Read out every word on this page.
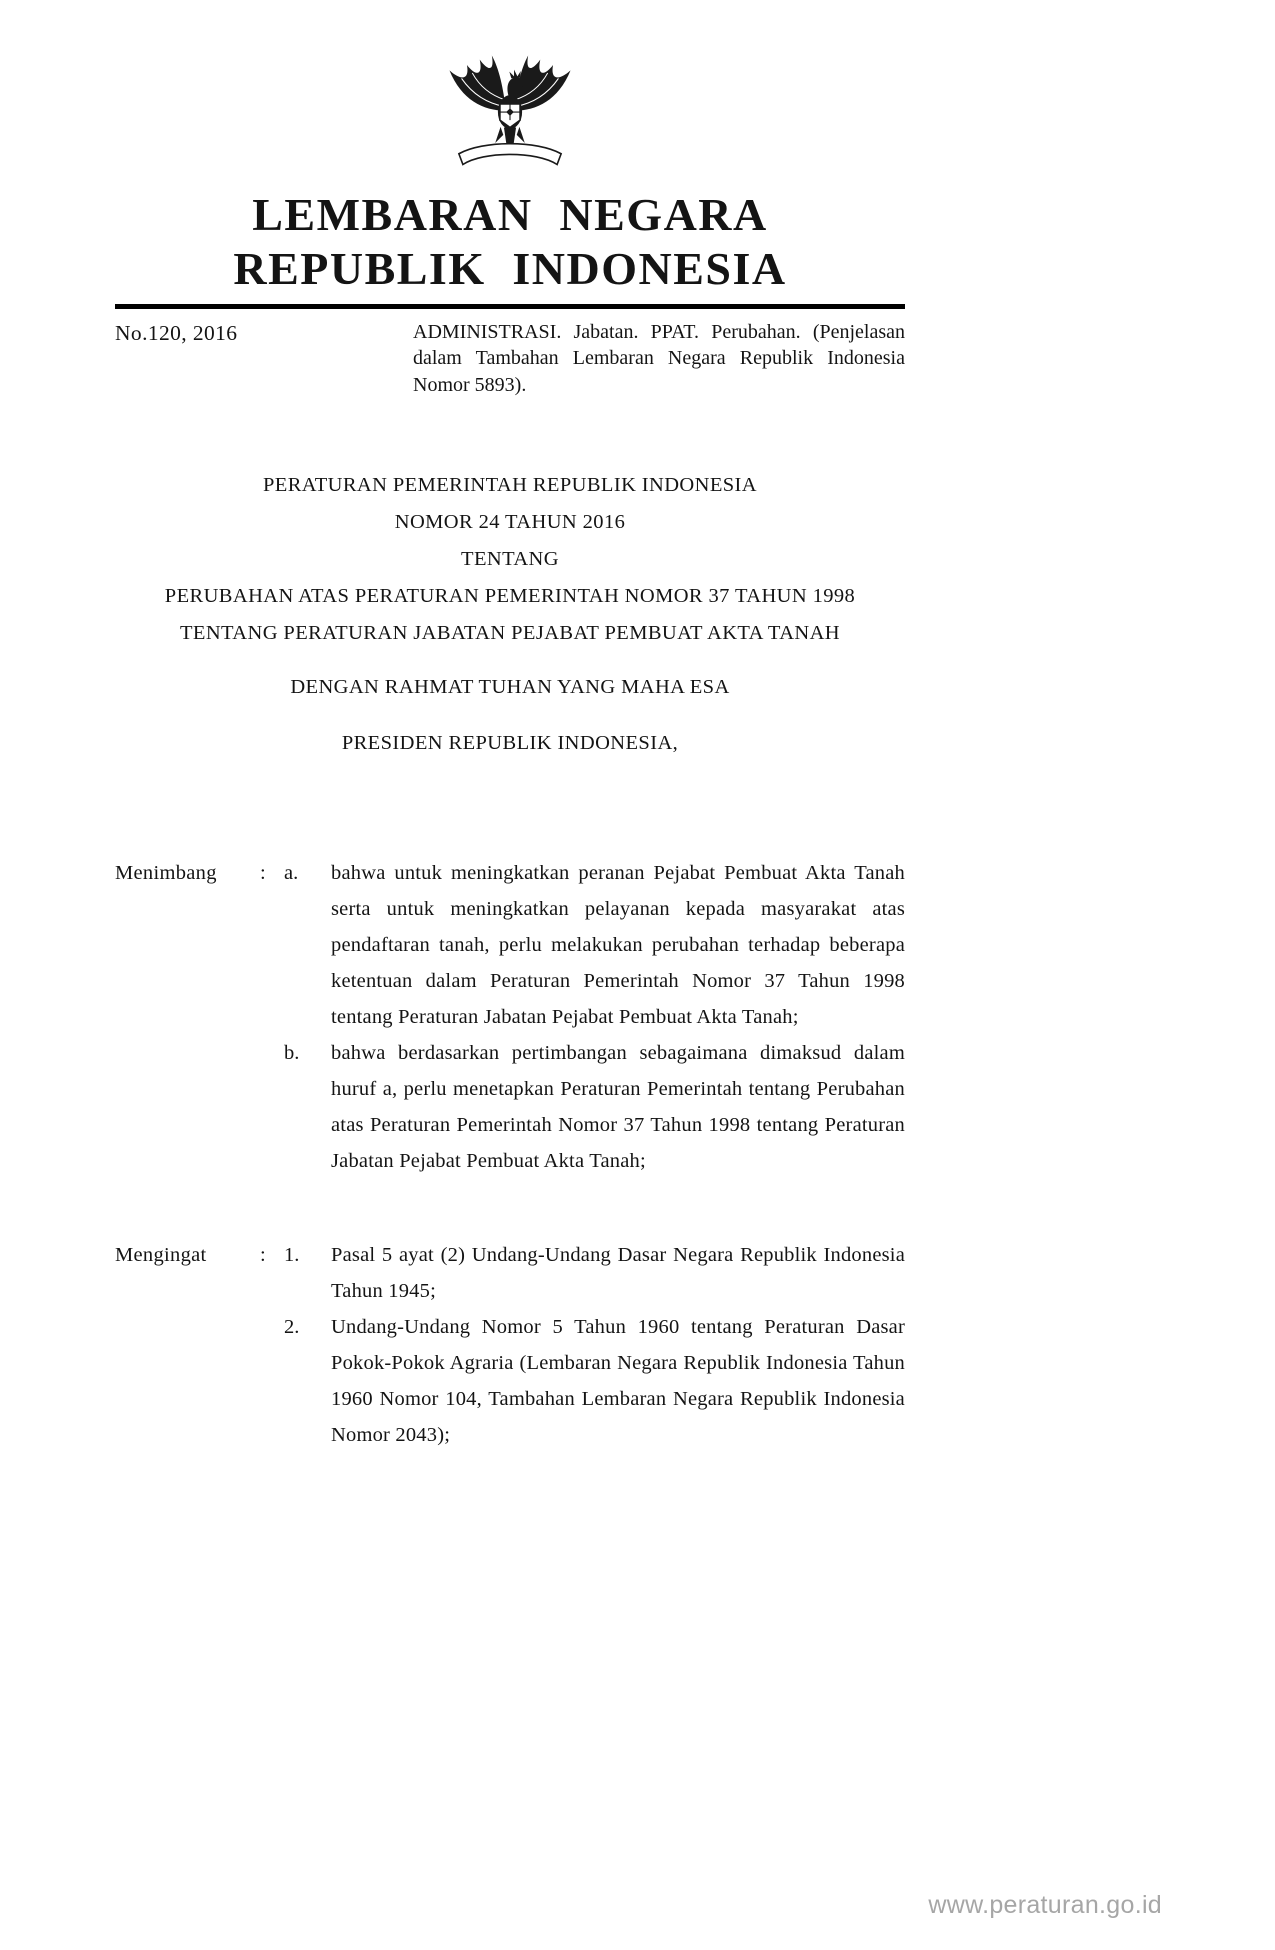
LEMBARAN NEGARA
REPUBLIK INDONESIA
No.120, 2016	ADMINISTRASI. Jabatan. PPAT. Perubahan. (Penjelasan dalam Tambahan Lembaran Negara Republik Indonesia Nomor 5893).
PERATURAN PEMERINTAH REPUBLIK INDONESIA
NOMOR 24 TAHUN 2016
TENTANG
PERUBAHAN ATAS PERATURAN PEMERINTAH NOMOR 37 TAHUN 1998
TENTANG PERATURAN JABATAN PEJABAT PEMBUAT AKTA TANAH
DENGAN RAHMAT TUHAN YANG MAHA ESA
PRESIDEN REPUBLIK INDONESIA,
Menimbang	: a.	bahwa untuk meningkatkan peranan Pejabat Pembuat Akta Tanah serta untuk meningkatkan pelayanan kepada masyarakat atas pendaftaran tanah, perlu melakukan perubahan terhadap beberapa ketentuan dalam Peraturan Pemerintah Nomor 37 Tahun 1998 tentang Peraturan Jabatan Pejabat Pembuat Akta Tanah;
b.	bahwa berdasarkan pertimbangan sebagaimana dimaksud dalam huruf a, perlu menetapkan Peraturan Pemerintah tentang Perubahan atas Peraturan Pemerintah Nomor 37 Tahun 1998 tentang Peraturan Jabatan Pejabat Pembuat Akta Tanah;
Mengingat	: 1.	Pasal 5 ayat (2) Undang-Undang Dasar Negara Republik Indonesia Tahun 1945;
2.	Undang-Undang Nomor 5 Tahun 1960 tentang Peraturan Dasar Pokok-Pokok Agraria (Lembaran Negara Republik Indonesia Tahun 1960 Nomor 104, Tambahan Lembaran Negara Republik Indonesia Nomor 2043);
www.peraturan.go.id
